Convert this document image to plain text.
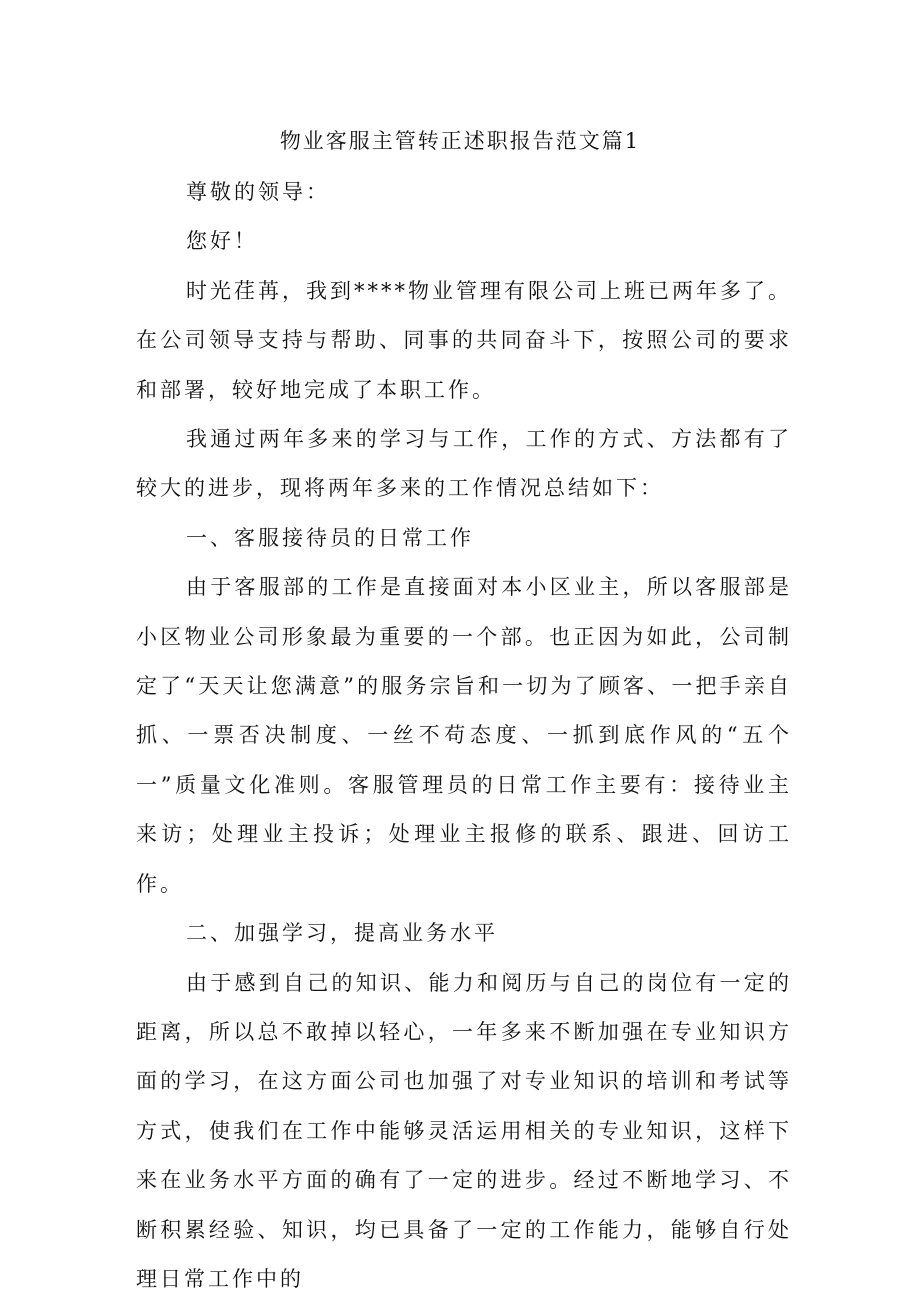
物业客服主管转正述职报告范文篇1

尊敬的领导：

您好！

时光荏苒，我到****物业管理有限公司上班已两年多了。在公司领导支持与帮助、同事的共同奋斗下，按照公司的要求和部署，较好地完成了本职工作。

我通过两年多来的学习与工作，工作的方式、方法都有了较大的进步，现将两年多来的工作情况总结如下：

一、客服接待员的日常工作

由于客服部的工作是直接面对本小区业主，所以客服部是小区物业公司形象最为重要的一个部。也正因为如此，公司制定了“天天让您满意”的服务宗旨和一切为了顾客、一把手亲自抓、一票否决制度、一丝不苟态度、一抓到底作风的“五个一”质量文化准则。客服管理员的日常工作主要有：接待业主来访；处理业主投诉；处理业主报修的联系、跟进、回访工作。

二、加强学习，提高业务水平

由于感到自己的知识、能力和阅历与自己的岗位有一定的距离，所以总不敢掉以轻心，一年多来不断加强在专业知识方面的学习，在这方面公司也加强了对专业知识的培训和考试等方式，使我们在工作中能够灵活运用相关的专业知识，这样下来在业务水平方面的确有了一定的进步。经过不断地学习、不断积累经验、知识，均已具备了一定的工作能力，能够自行处理日常工作中的
